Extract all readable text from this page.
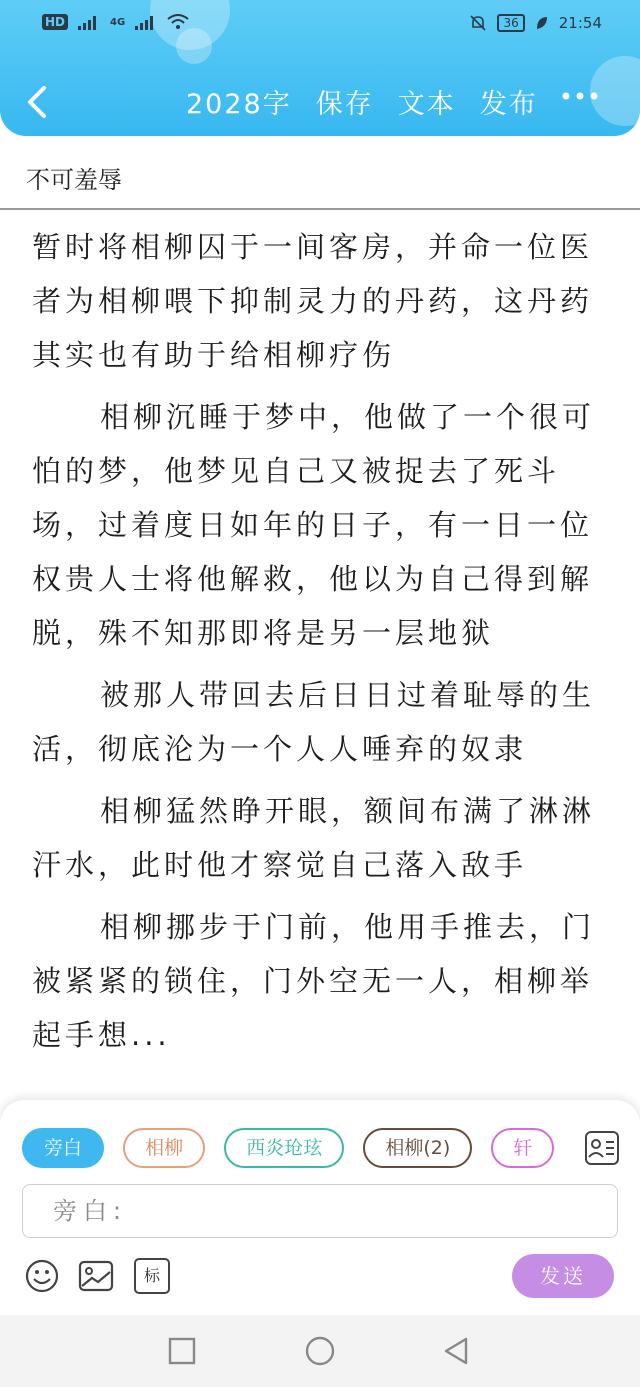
HD	4G	36	21:54
2028字 保存 文本 发布
不可羞辱

暂时将相柳囚于一间客房，并命一位医者为相柳喂下抑制灵力的丹药，这丹药其实也有助于给相柳疗伤

相柳沉睡于梦中，他做了一个很可怕的梦，他梦见自己又被捉去了死斗场，过着度日如年的日子，有一日一位权贵人士将他解救，他以为自己得到解脱，殊不知那即将是另一层地狱

被那人带回去后日日过着耻辱的生活，彻底沦为一个人人唾弃的奴隶

相柳猛然睁开眼，额间布满了淋淋汗水，此时他才察觉自己落入敌手

相柳挪步于门前，他用手推去，门被紧紧的锁住，门外空无一人，相柳举起手想...

旁白	相柳	西炎玱玹	相柳(2)	轩
旁白:
标	发送
